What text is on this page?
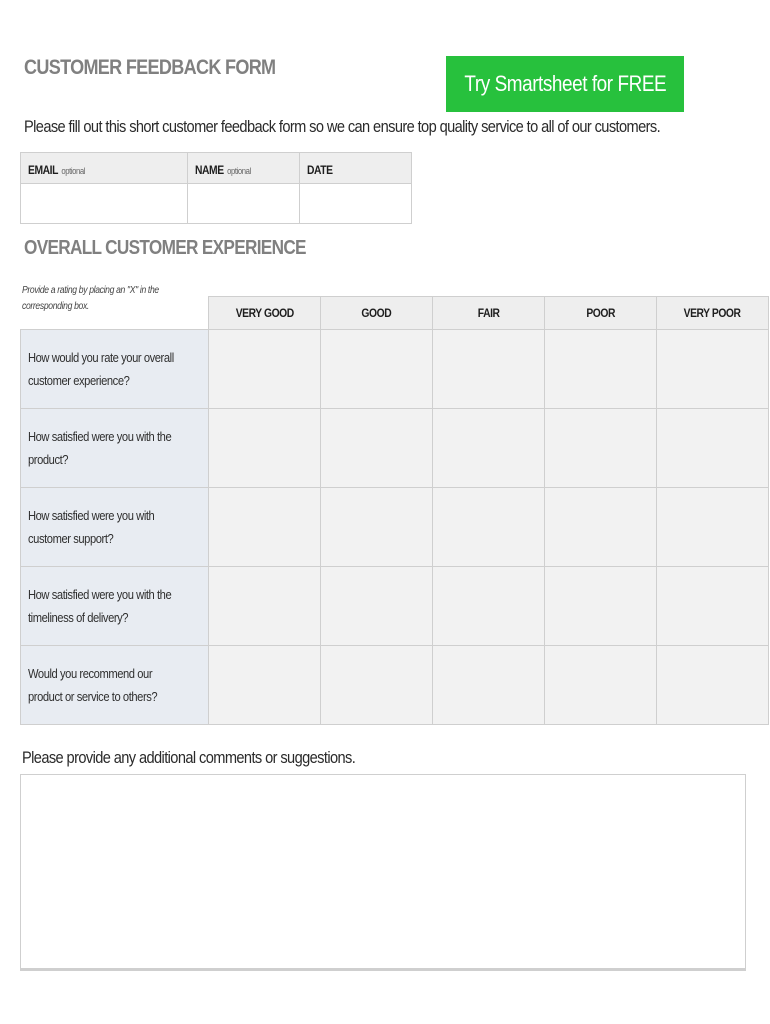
CUSTOMER FEEDBACK FORM
Try Smartsheet for FREE
Please fill out this short customer feedback form so we can ensure top quality service to all of our customers.
EMAIL optional	NAME optional	DATE

OVERALL CUSTOMER EXPERIENCE
Provide a rating by placing an "X" in the corresponding box.
		VERY GOOD	GOOD	FAIR	POOR	VERY POOR
How would you rate your overall customer experience?					
How satisfied were you with the product?					
How satisfied were you with customer support?					
How satisfied were you with the timeliness of delivery?					
Would you recommend our product or service to others?					
Please provide any additional comments or suggestions.
